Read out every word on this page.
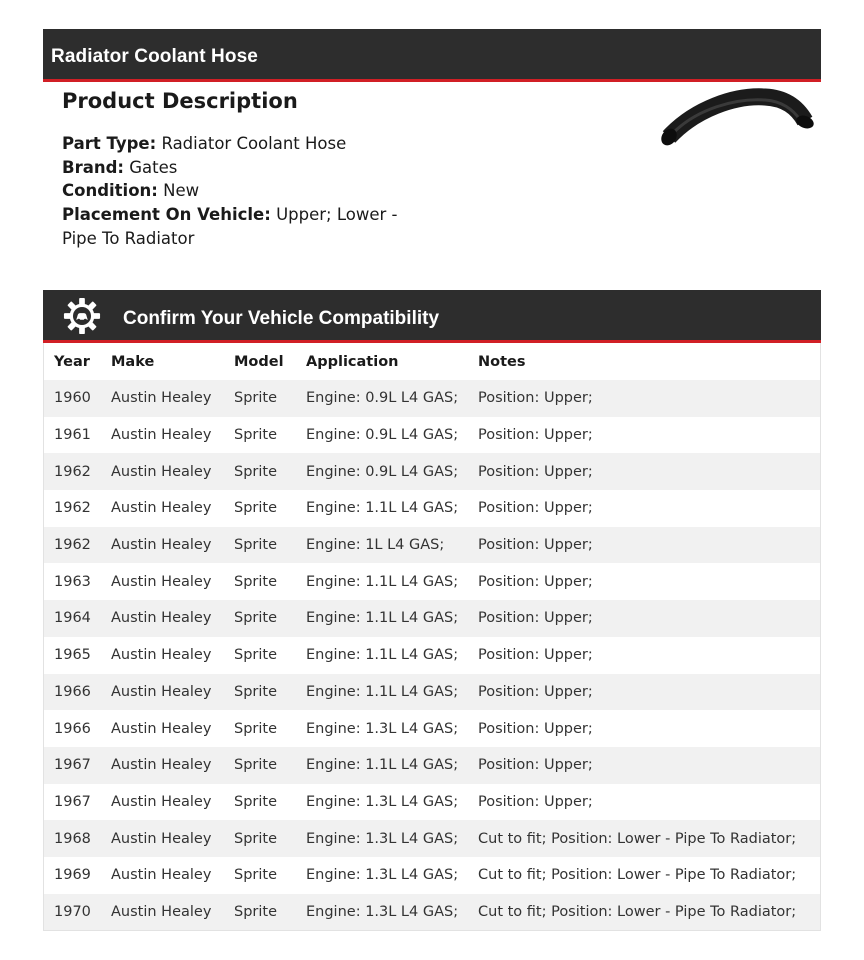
Radiator Coolant Hose
Product Description
Part Type: Radiator Coolant Hose
Brand: Gates
Condition: New
Placement On Vehicle: Upper; Lower - Pipe To Radiator
Confirm Your Vehicle Compatibility
Year	Make	Model	Application	Notes
1960	Austin Healey	Sprite	Engine: 0.9L L4 GAS;	Position: Upper;
1961	Austin Healey	Sprite	Engine: 0.9L L4 GAS;	Position: Upper;
1962	Austin Healey	Sprite	Engine: 0.9L L4 GAS;	Position: Upper;
1962	Austin Healey	Sprite	Engine: 1.1L L4 GAS;	Position: Upper;
1962	Austin Healey	Sprite	Engine: 1L L4 GAS;	Position: Upper;
1963	Austin Healey	Sprite	Engine: 1.1L L4 GAS;	Position: Upper;
1964	Austin Healey	Sprite	Engine: 1.1L L4 GAS;	Position: Upper;
1965	Austin Healey	Sprite	Engine: 1.1L L4 GAS;	Position: Upper;
1966	Austin Healey	Sprite	Engine: 1.1L L4 GAS;	Position: Upper;
1966	Austin Healey	Sprite	Engine: 1.3L L4 GAS;	Position: Upper;
1967	Austin Healey	Sprite	Engine: 1.1L L4 GAS;	Position: Upper;
1967	Austin Healey	Sprite	Engine: 1.3L L4 GAS;	Position: Upper;
1968	Austin Healey	Sprite	Engine: 1.3L L4 GAS;	Cut to fit; Position: Lower - Pipe To Radiator;
1969	Austin Healey	Sprite	Engine: 1.3L L4 GAS;	Cut to fit; Position: Lower - Pipe To Radiator;
1970	Austin Healey	Sprite	Engine: 1.3L L4 GAS;	Cut to fit; Position: Lower - Pipe To Radiator;
